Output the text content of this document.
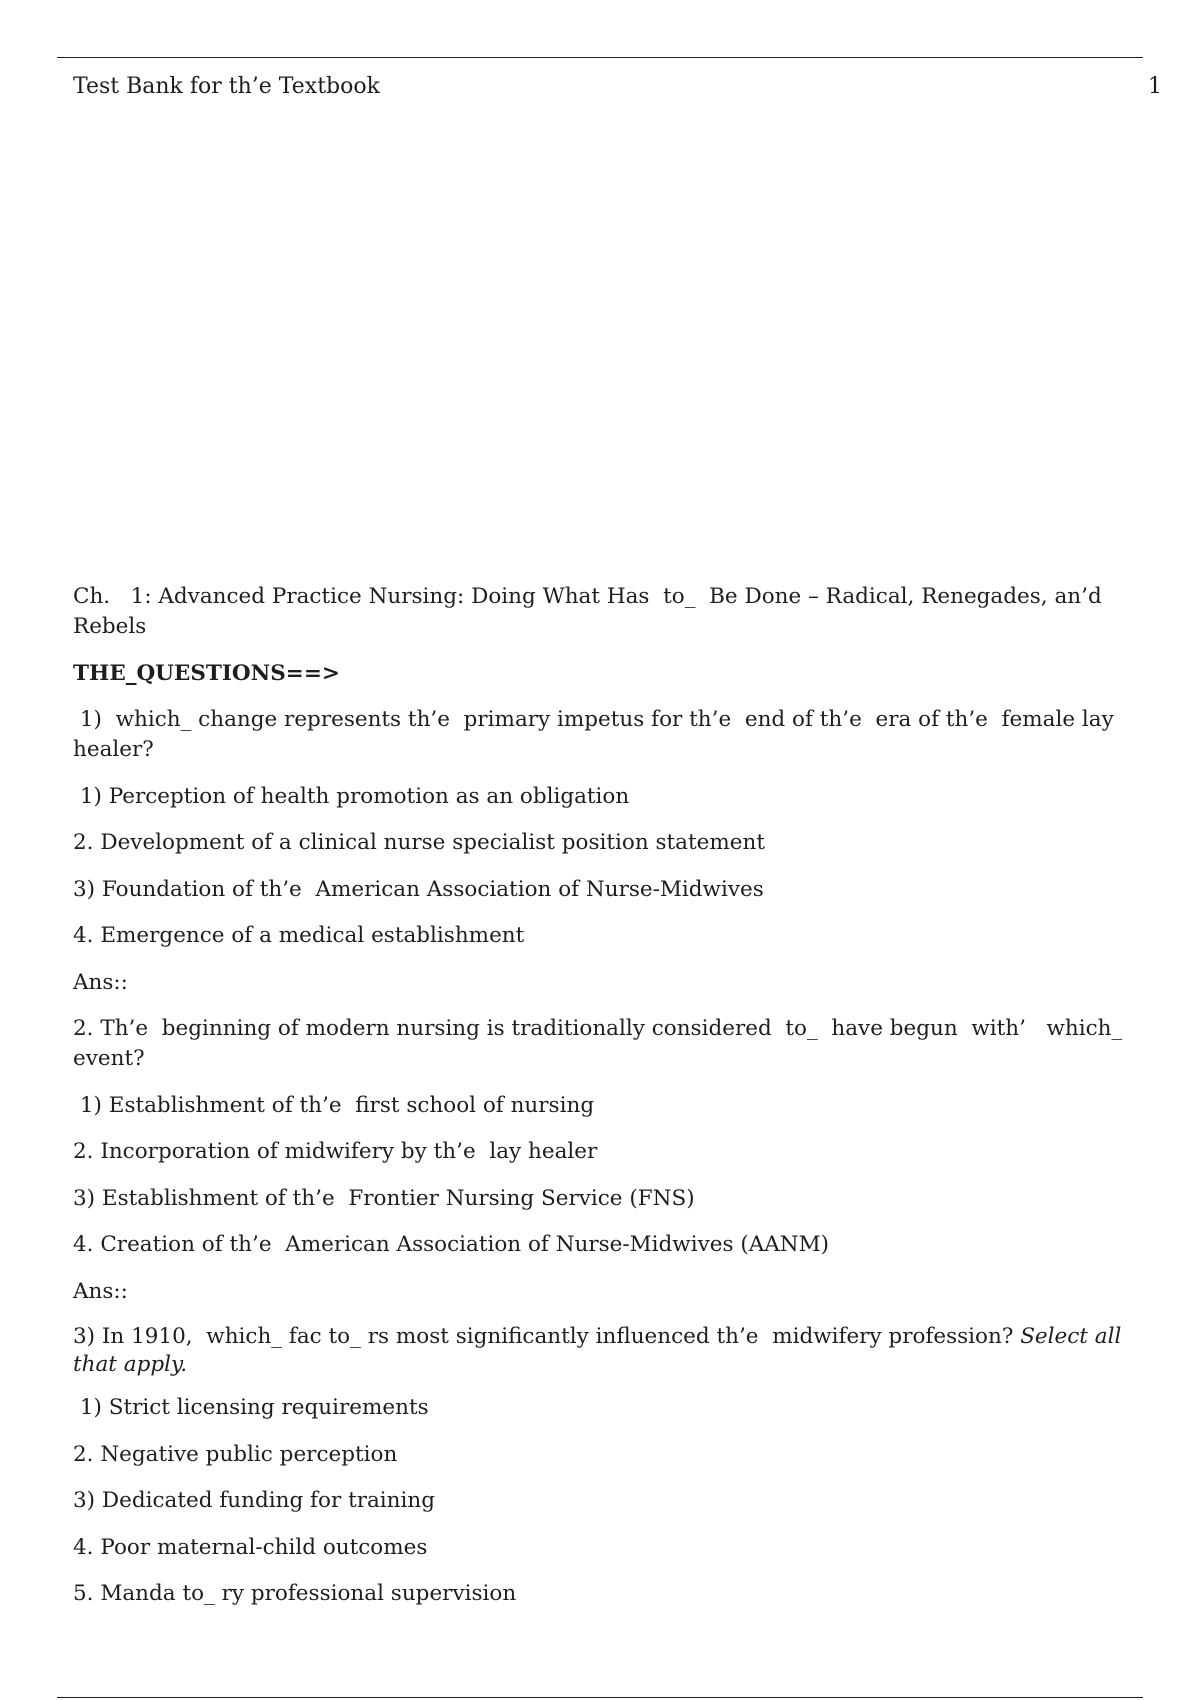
Test Bank for th’e Textbook	1
Ch.   1: Advanced Practice Nursing: Doing What Has  to_  Be Done – Radical, Renegades, an’d Rebels
THE_QUESTIONS==>
1)  which_ change represents th’e  primary impetus for th’e  end of th’e  era of th’e  female lay healer?
1) Perception of health promotion as an obligation
2. Development of a clinical nurse specialist position statement
3) Foundation of th’e  American Association of Nurse-Midwives
4. Emergence of a medical establishment
Ans::
2. Th’e  beginning of modern nursing is traditionally considered  to_  have begun  with’   which_ event?
1) Establishment of th’e  first school of nursing
2. Incorporation of midwifery by th’e  lay healer
3) Establishment of th’e  Frontier Nursing Service (FNS)
4. Creation of th’e  American Association of Nurse-Midwives (AANM)
Ans::
3) In 1910,  which_ fac to_ rs most significantly influenced th’e  midwifery profession? Select all that apply.
1) Strict licensing requirements
2. Negative public perception
3) Dedicated funding for training
4. Poor maternal-child outcomes
5. Manda to_ ry professional supervision
